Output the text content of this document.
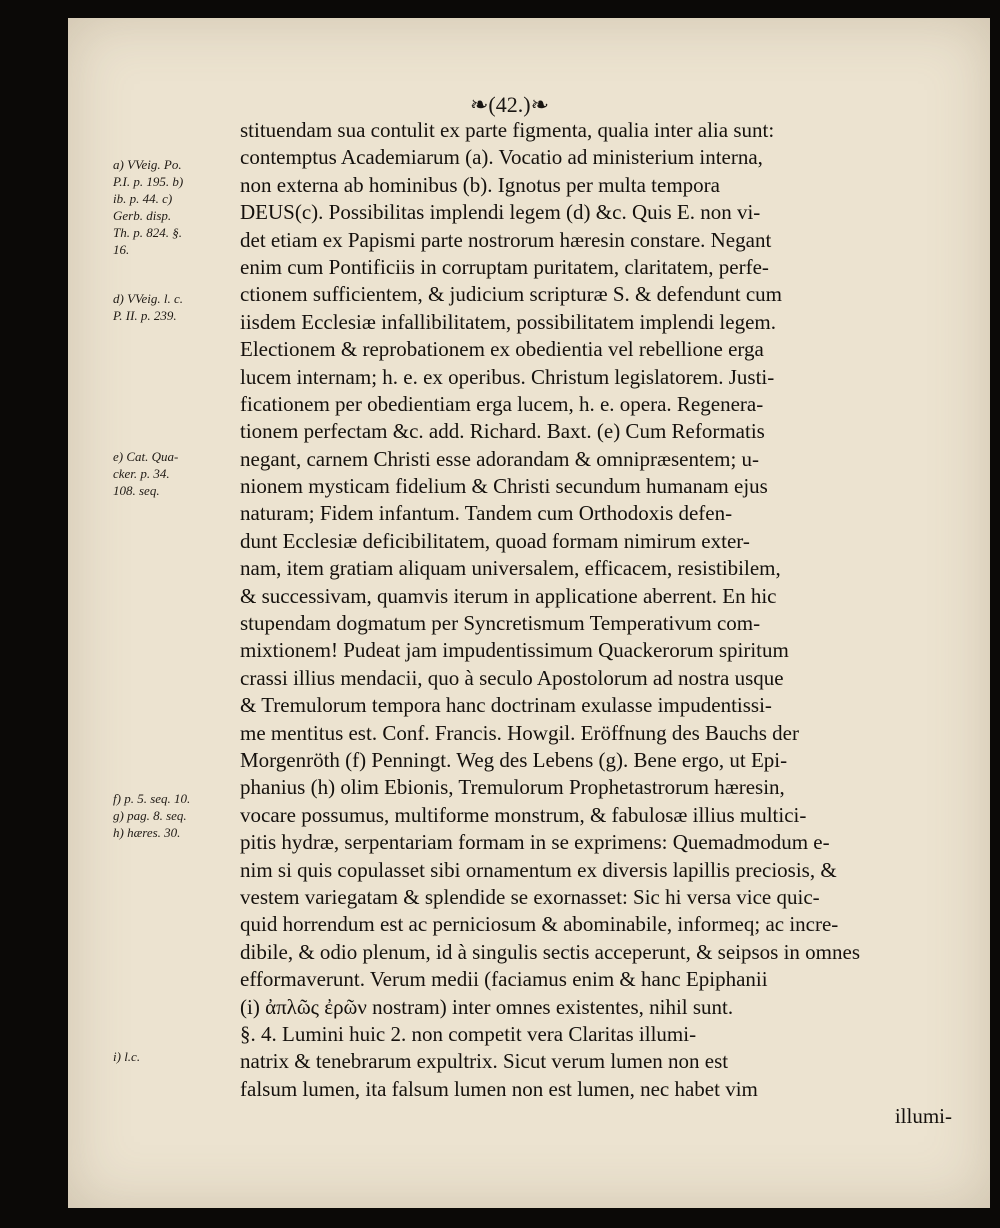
❧(42.)❧
stituendam sua contulit ex parte figmenta, qualia inter alia sunt:
contemptus Academiarum (a). Vocatio ad ministerium interna,
non externa ab hominibus (b). Ignotus per multa tempora
DEUS(c). Possibilitas implendi legem (d) &c. Quis E. non vi-
det etiam ex Papismi parte nostrorum hæresin constare. Negant
enim cum Pontificiis in corruptam puritatem, claritatem, perfe-
ctionem sufficientem, & judicium scripturæ S. & defendunt cum
iisdem Ecclesiæ infallibilitatem, possibilitatem implendi legem.
Electionem & reprobationem ex obedientia vel rebellione erga
lucem internam; h. e. ex operibus. Christum legislatorem. Justi-
ficationem per obedientiam erga lucem, h. e. opera. Regenera-
tionem perfectam &c. add. Richard. Baxt. (e) Cum Reformatis
negant, carnem Christi esse adorandam & omnipræsentem; u-
nionem mysticam fidelium & Christi secundum humanam ejus
naturam; Fidem infantum. Tandem cum Orthodoxis defen-
dunt Ecclesiæ deficibilitatem, quoad formam nimirum exter-
nam, item gratiam aliquam universalem, efficacem, resistibilem,
& successivam, quamvis iterum in applicatione aberrent. En hic
stupendam dogmatum per Syncretismum Temperativum com-
mixtionem! Pudeat jam impudentissimum Quackerorum spiritum
crassi illius mendacii, quo à seculo Apostolorum ad nostra usque
& Tremulorum tempora hanc doctrinam exulasse impudentissi-
me mentitus est. Conf. Francis. Howgil. Eröffnung des Bauchs der
Morgenröth (f) Penningt. Weg des Lebens (g). Bene ergo, ut Epi-
phanius (h) olim Ebionis, Tremulorum Prophetastrorum hæresin,
vocare possumus, multiforme monstrum, & fabulosæ illius multici-
pitis hydræ, serpentariam formam in se exprimens: Quemadmodum e-
nim si quis copulasset sibi ornamentum ex diversis lapillis preciosis, &
vestem variegatam & splendide se exornasset: Sic hi versa vice quic-
quid horrendum est ac perniciosum & abominabile, informeq; ac incre-
dibile, & odio plenum, id à singulis sectis acceperunt, & seipsos in omnes
efformaverunt. Verum medii (faciamus enim & hanc Epiphanii
(i) ἀπλῶς ἐρῶν nostram) inter omnes existentes, nihil sunt.
§. 4. Lumini huic 2. non competit vera Claritas illumi-
natrix & tenebrarum expultrix. Sicut verum lumen non est
falsum lumen, ita falsum lumen non est lumen, nec habet vim
illumi-
a) VVeig. Po.
P.I. p. 195. b)
ib. p. 44. c)
Gerb. disp.
Th. p. 824. §.
16.
d) VVeig. l. c.
P. II. p. 239.
e) Cat. Qua-
cker. p. 34.
108. seq.
f) p. 5. seq. 10.
g) pag. 8. seq.
h) hæres. 30.
i) l.c.
